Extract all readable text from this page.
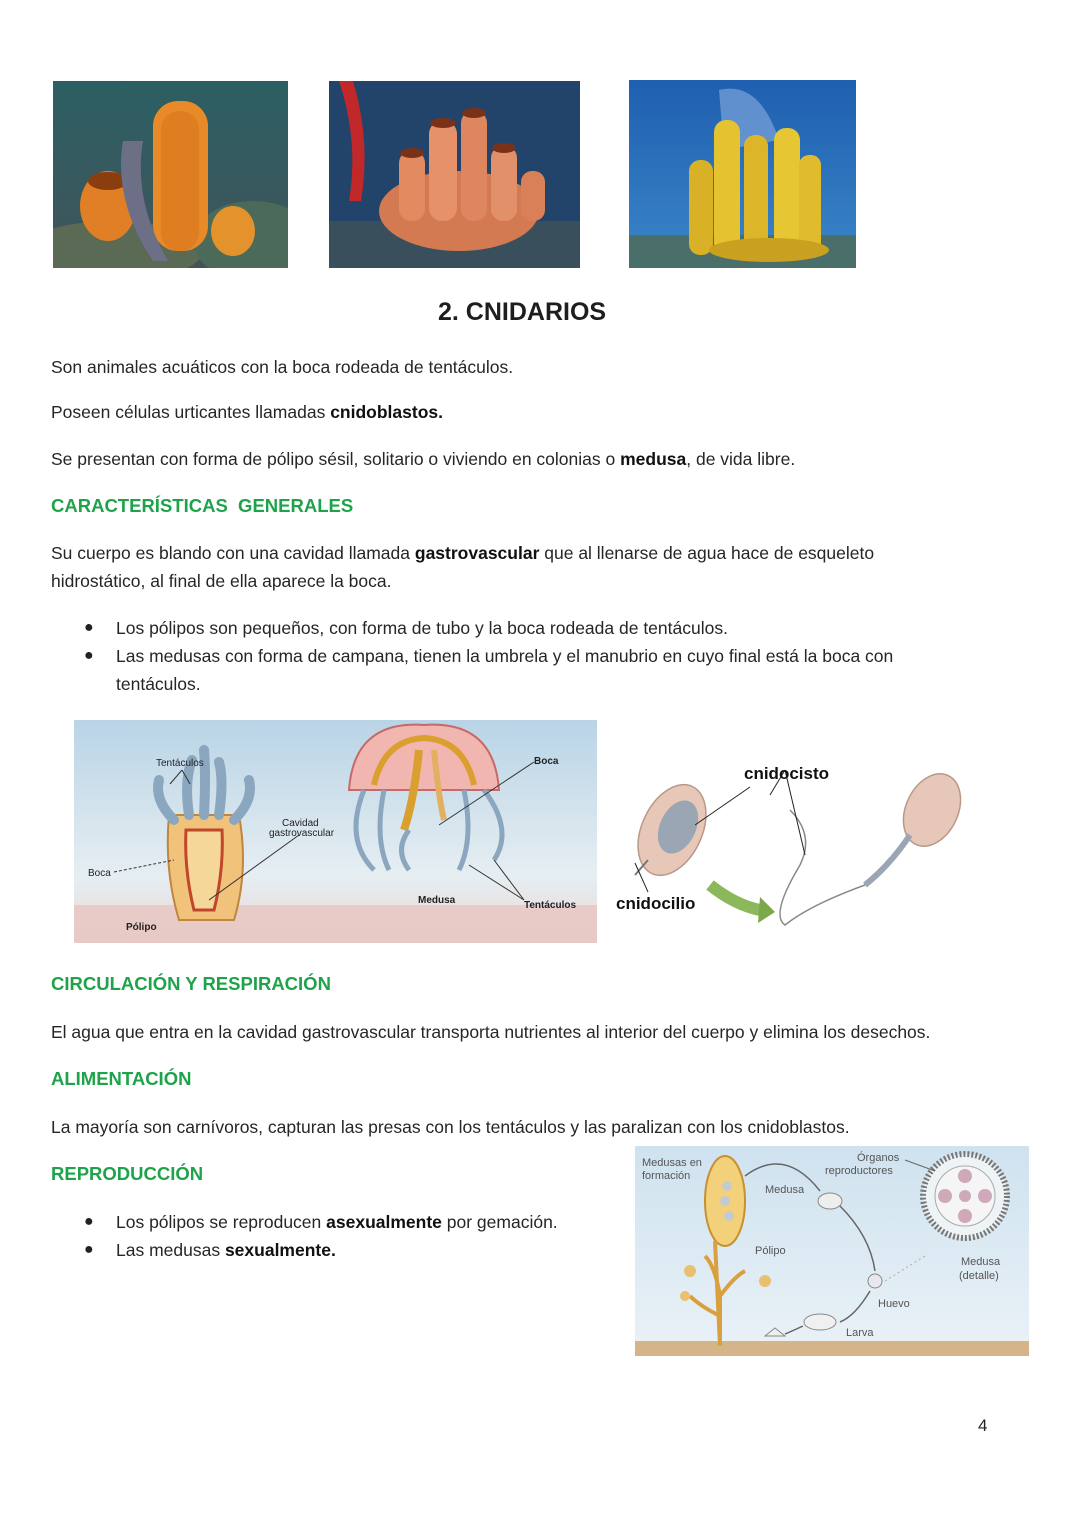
2. CNIDARIOS
Son animales acuáticos con la boca rodeada de tentáculos.
Poseen células urticantes llamadas cnidoblastos.
Se presentan con forma de pólipo sésil, solitario o viviendo en colonias o medusa, de vida libre.
CARACTERÍSTICAS  GENERALES
Su cuerpo es blando con una cavidad llamada gastrovascular que al llenarse de agua hace de esqueleto
hidrostático, al final de ella aparece la boca.
● Los pólipos son pequeños, con forma de tubo y la boca rodeada de tentáculos.
● Las medusas con forma de campana, tienen la umbrela y el manubrio en cuyo final está la boca con
tentáculos.
Tentáculos
Cavidad
gastrovascular
Boca
Pólipo
Medusa
Boca
Tentáculos
cnidocisto
cnidocilio
CIRCULACIÓN Y RESPIRACIÓN
El agua que entra en la cavidad gastrovascular transporta nutrientes al interior del cuerpo y elimina los desechos.
ALIMENTACIÓN
La mayoría son carnívoros, capturan las presas con los tentáculos y las paralizan con los cnidoblastos.
REPRODUCCIÓN
● Los pólipos se reproducen asexualmente por gemación.
● Las medusas sexualmente.
Medusas en
formación
Medusa
Órganos
reproductores
Pólipo
Medusa
(detalle)
Huevo
Larva
4
